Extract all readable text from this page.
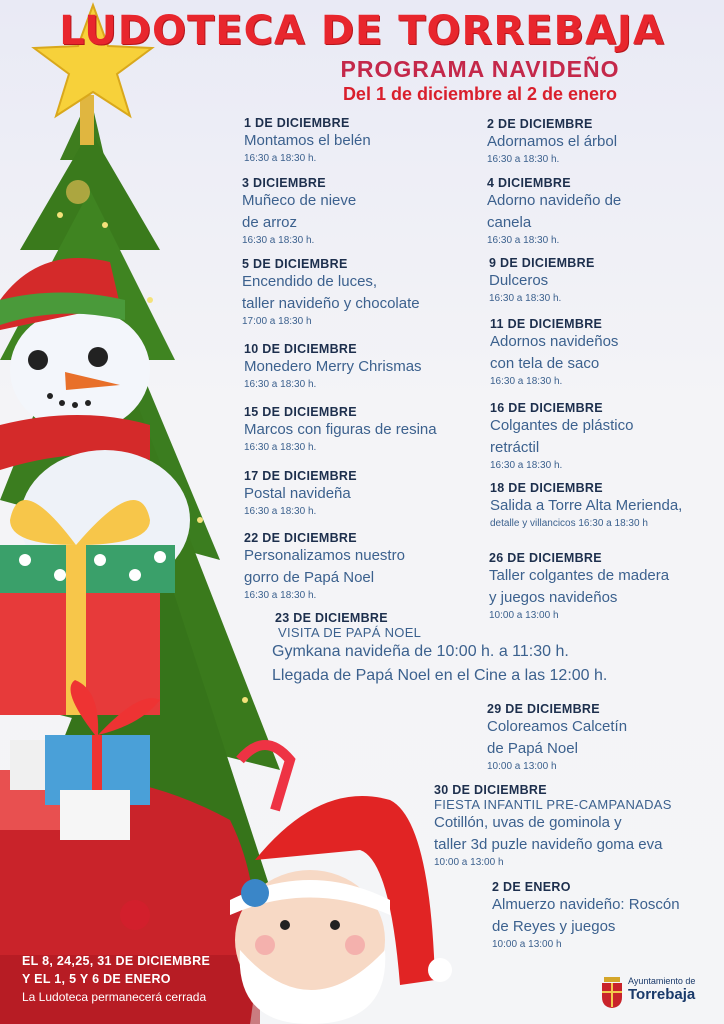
LUDOTECA DE TORREBAJA
PROGRAMA NAVIDEÑO
Del 1 de diciembre al 2 de enero
1 DE DICIEMBRE
Montamos el belén
16:30 a 18:30 h.
2 DE DICIEMBRE
Adornamos el árbol
16:30 a 18:30 h.
3 DICIEMBRE
Muñeco de nieve
de arroz
16:30 a 18:30 h.
4 DICIEMBRE
Adorno navideño de
canela
16:30 a 18:30 h.
5 DE DICIEMBRE
Encendido de luces,
taller navideño y chocolate
17:00 a 18:30 h
9 DE DICIEMBRE
Dulceros
16:30 a 18:30 h.
10 DE DICIEMBRE
Monedero Merry Chrismas
16:30 a 18:30 h.
11 DE DICIEMBRE
Adornos navideños
con tela de saco
16:30 a 18:30 h.
15 DE DICIEMBRE
Marcos con figuras de resina
16:30 a 18:30 h.
16 DE DICIEMBRE
Colgantes de plástico
retráctil
16:30 a 18:30 h.
17 DE DICIEMBRE
Postal navideña
16:30 a 18:30 h.
18 DE DICIEMBRE
Salida a Torre Alta Merienda,
detalle y villancicos 16:30 a 18:30 h
22 DE DICIEMBRE
Personalizamos nuestro
gorro de Papá Noel
16:30 a 18:30 h.
26 DE DICIEMBRE
Taller colgantes de madera
y juegos navideños
10:00 a 13:00 h
23 DE DICIEMBRE
VISITA DE PAPÁ NOEL
Gymkana navideña de 10:00 h. a 11:30 h.
Llegada de Papá Noel en el Cine a las 12:00 h.
29 DE DICIEMBRE
Coloreamos Calcetín
de Papá Noel
10:00 a 13:00 h
30 DE DICIEMBRE
FIESTA INFANTIL PRE-CAMPANADAS
Cotillón, uvas de gominola y
taller 3d puzle navideño goma eva
10:00 a 13:00 h
2 DE ENERO
Almuerzo navideño: Roscón
de Reyes y juegos
10:00 a 13:00 h
EL 8, 24,25, 31 DE DICIEMBRE
Y EL 1, 5 Y 6 DE ENERO
La Ludoteca permanecerá cerrada
Ayuntamiento de
Torrebaja
